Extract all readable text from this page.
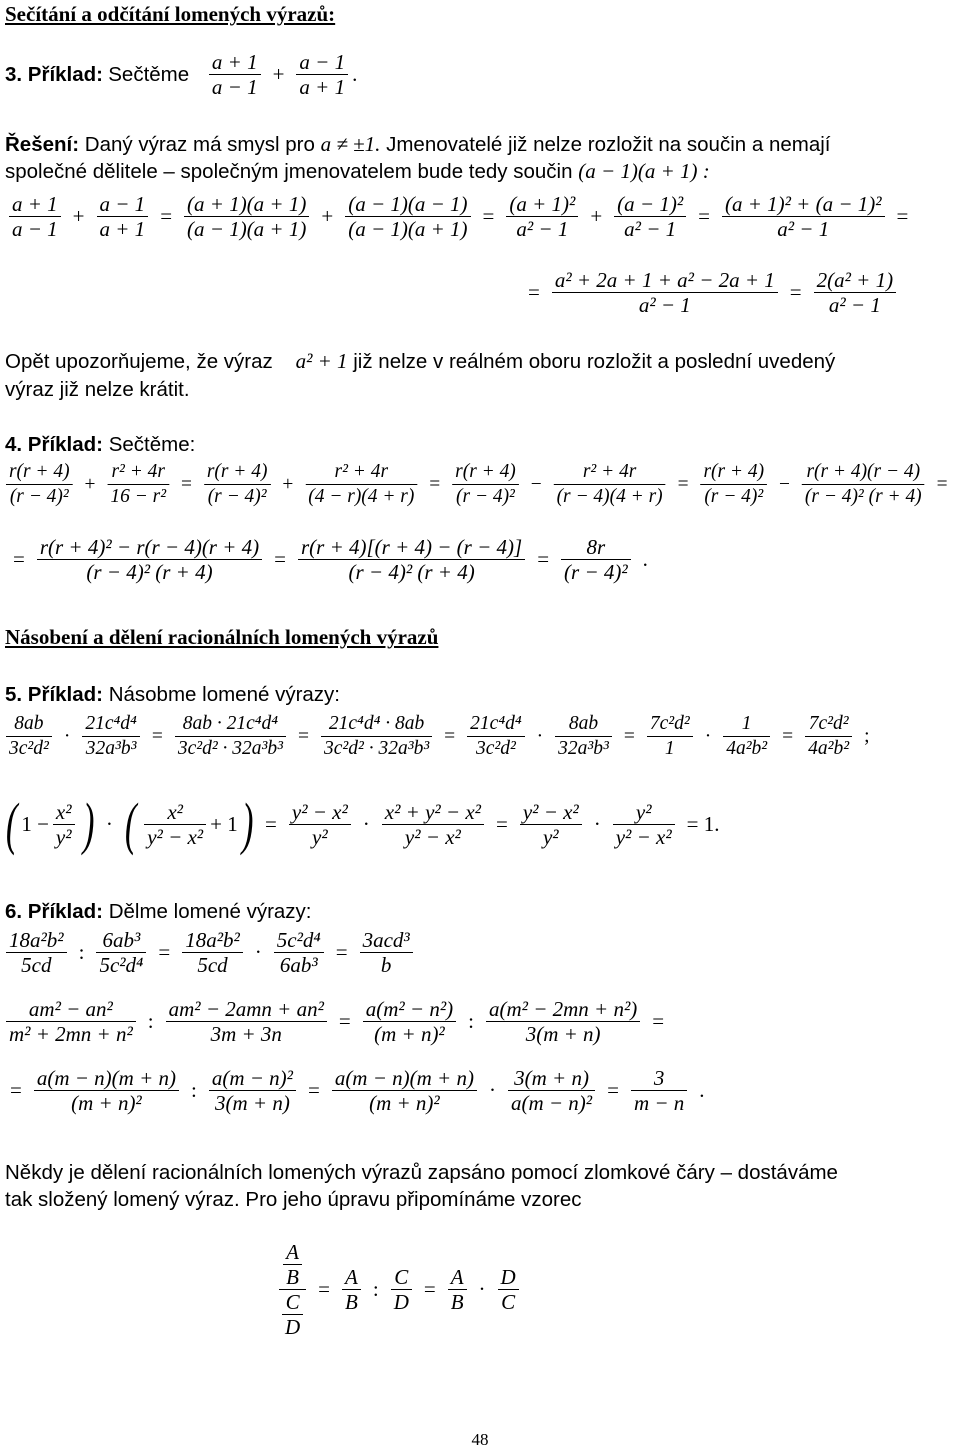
Sečítání a odčítání lomených výrazů:
3. Příklad:
Sečtěme
$\frac{a + 1}{a - 1} + \frac{a - 1}{a + 1}$ .
Řešení: Daný výraz má smysl pro a ≠ ±1. Jmenovatelé již nelze rozložit na součin a nemají
společné dělitele – společným jmenovatelem bude tedy součin (a − 1)(a + 1) :
$\frac{a + 1}{a - 1} + \frac{a - 1}{a + 1} = \frac{(a + 1)(a + 1)}{(a - 1)(a + 1)} + \frac{(a - 1)(a - 1)}{(a - 1)(a + 1)} = \frac{\text{(a + 1)²}}{\text{a² − 1}} + \frac{\text{(a − 1)²}}{\text{a² − 1}} = \frac{\text{(a + 1)² + (a − 1)²}}{\text{a² − 1}}$ =
= $\frac{\text{a² + 2a + 1 + a² − 2a + 1}}{\text{a² − 1}} = \frac{\text{2(a² + 1)}}{\text{a² − 1}}$
Opět upozorňujeme, že výraz a² + 1 již nelze v reálném oboru rozložit a poslední uvedený
výraz již nelze krátit.
4. Příklad: Sečtěme:
$\frac{r(r + 4)}{\text{(r − 4)²}} + \frac{\text{r² + 4r}}{\text{16 − r²}} = \frac{r(r + 4)}{\text{(r − 4)²}} + \frac{\text{r² + 4r}}{(4 - r)(4 + r)} = \frac{r(r + 4)}{\text{(r − 4)²}} - \frac{\text{r² + 4r}}{(r - 4)(4 + r)} = \frac{r(r + 4)}{\text{(r − 4)²}} - \frac{r(r + 4)(r - 4)}{\text{(r − 4)² (r + 4)}}$ =
= $\frac{\text{r(r + 4)² − r(r − 4)(r + 4)}}{\text{(r − 4)² (r + 4)}} = \frac{r(r + 4)[(r + 4) - (r - 4)]}{\text{(r − 4)² (r + 4)}} = \frac{8r}{\text{(r − 4)²}}$ .
Násobení a dělení racionálních lomených výrazů
5. Příklad: Násobme lomené výrazy:
$\frac{8ab}{\text{3c²d²}} \cdot \frac{\text{21c⁴d⁴}}{\text{32a³b³}} = \frac{\text{8ab · 21c⁴d⁴}}{\text{3c²d² · 32a³b³}} = \frac{\text{21c⁴d⁴ · 8ab}}{\text{3c²d² · 32a³b³}} = \frac{\text{21c⁴d⁴}}{\text{3c²d²}} \cdot \frac{8ab}{\text{32a³b³}} = \frac{\text{7c²d²}}{1} \cdot \frac{1}{\text{4a²b²}} = \frac{\text{7c²d²}}{\text{4a²b²}}$ ;
( $1 - \frac{\text{x²}}{\text{y²}}$ ) · ( $\frac{\text{x²}}{\text{y² − x²}} + 1$ ) = $\frac{\text{y² − x²}}{\text{y²}} \cdot \frac{\text{x² + y² − x²}}{\text{y² − x²}} = \frac{\text{y² − x²}}{\text{y²}} \cdot \frac{\text{y²}}{\text{y² − x²}} = 1$.
6. Příklad: Dělme lomené výrazy:
$\frac{\text{18a²b²}}{5cd}$ : $\frac{\text{6ab³}}{\text{5c²d⁴}} = \frac{\text{18a²b²}}{5cd} \cdot \frac{\text{5c²d⁴}}{\text{6ab³}} = \frac{\text{3acd³}}{b}$
$\frac{\text{am² − an²}}{\text{m² + 2mn + n²}}$ : $\frac{\text{am² − 2amn + an²}}{3m + 3n} = \frac{\text{a(m² − n²)}}{\text{(m + n)²}}$ : $\frac{\text{a(m² − 2mn + n²)}}{3(m + n)}$ =
= $\frac{a(m - n)(m + n)}{\text{(m + n)²}}$ : $\frac{\text{a(m − n)²}}{3(m + n)} = \frac{a(m - n)(m + n)}{\text{(m + n)²}} \cdot \frac{3(m + n)}{\text{a(m − n)²}} = \frac{3}{m - n}$ .
Někdy je dělení racionálních lomených výrazů zapsáno pomocí zlomkové čáry – dostáváme
tak složený lomený výraz. Pro jeho úpravu připomínáme vzorec
$\frac{\frac{A}{B}}{\frac{C}{D}} = \frac{A}{B}$ : $\frac{C}{D} = \frac{A}{B} \cdot \frac{D}{C}$
48
